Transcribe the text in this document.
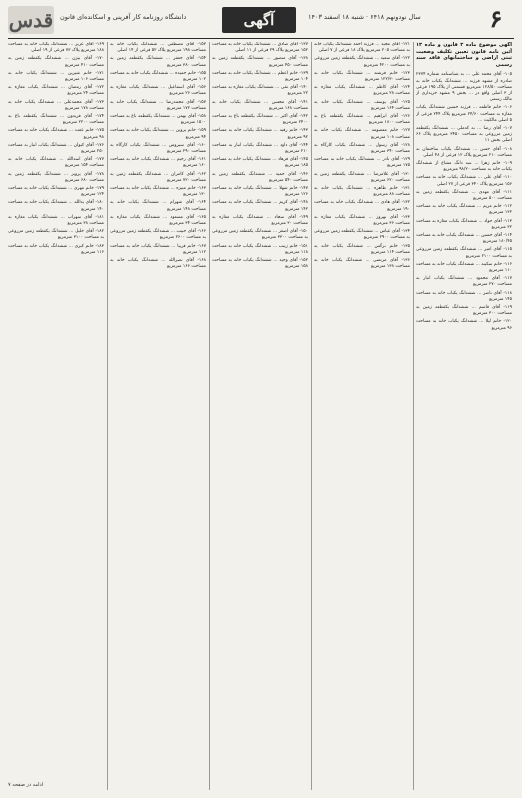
قدس دانشگاه روزنامه کار آفرینی و اسکانده‌ای قانون	آگهی	سال نودونهم ۶۴۱۸ · شنبه ۱۸ اسفند ۱۴۰۳	۶
آگهی موضوع ماده ۳ قانون و ماده ۱۳ آئین نامه قانون تعیین تکلیف وضعیت ثبتی اراضی و ساختمانهای فاقد سند رسمی
۱۰۵- آقای محمد علی ... به شناسنامه شماره ۲۳۷۴ صادره از مشهد فرزند ... ششدانگ یکباب خانه به مساحت ۱۲۸/۵۰ مترمربع قسمتی از پلاک ۱۹۵ فرعی از ۳ اصلی واقع در ... بخش ۹ مشهد خریداری از مالک رسمی
۱۰۶- خانم فاطمه ... فرزند حسین ششدانگ یکباب مغازه به مساحت ۲۴/۶۰ مترمربع پلاک ۲۴۴ فرعی از ۵ اصلی مالکیت ...
۱۰۷- آقای رضا ... به کدملی ... ششدانگ یکقطعه زمین مزروعی به مساحت ۳۴۵۰ مترمربع پلاک ۶۶ اصلی بخش ۱۱
۱۰۸- آقای حسن ... ششدانگ یکباب ساختمان به مساحت ۲۱۰ مترمربع پلاک ۱۲ فرعی از ۴۸ اصلی
۱۰۹- خانم زهرا ... سه دانگ مشاع از ششدانگ یکباب خانه به مساحت ۹۸/۲۰ مترمربع
۱۱۰- آقای علی ... ششدانگ یکباب خانه به مساحت ۱۵۶ مترمربع پلاک ۳۴۰ فرعی از ۲۷ اصلی
۱۱۱- آقای مهدی ... ششدانگ یکقطعه زمین به مساحت ۵۰۰ مترمربع
۱۱۲- خانم مریم ... ششدانگ یکباب خانه به مساحت ۱۳۲ مترمربع
۱۱۳- آقای جواد ... ششدانگ یکباب مغازه به مساحت ۳۲ مترمربع
۱۱۴- آقای حسین ... ششدانگ یکباب خانه به مساحت ۱۸۰/۴۵ مترمربع
۱۱۵- آقای امیر ... ششدانگ یکقطعه زمین مزروعی به مساحت ۲۱۰۰ مترمربع
۱۱۶- خانم سکینه ... ششدانگ یکباب خانه به مساحت ۱۱۰ مترمربع
۱۱۷- آقای محمود ... ششدانگ یکباب انبار به مساحت ۲۷۰ مترمربع
۱۱۸- آقای ناصر ... ششدانگ یکباب خانه به مساحت ۱۴۵ مترمربع
۱۱۹- آقای قاسم ... ششدانگ یکقطعه زمین به مساحت ۳۰۰ مترمربع
۱۲۰- خانم لیلا ... ششدانگ یکباب خانه به مساحت ۹۶ مترمربع
۱۲۱- آقای مجید ... فرزند احمد ششدانگ یکباب خانه به مساحت ۲۰۵ مترمربع پلاک ۱۸ فرعی از ۷ اصلی
۱۲۲- آقای سعید ... ششدانگ یکقطعه زمین مزروعی به مساحت ۴۲۰۰ مترمربع
۱۲۳- خانم فرشته ... ششدانگ یکباب خانه به مساحت ۱۲۲/۳۰ مترمربع
۱۲۴- آقای کاظم ... ششدانگ یکباب مغازه به مساحت ۲۸ مترمربع
۱۲۵- آقای یوسف ... ششدانگ یکباب خانه به مساحت ۱۶۴ مترمربع
۱۲۶- آقای ابراهیم ... ششدانگ یکقطعه باغ به مساحت ۱۸۰۰ مترمربع
۱۲۷- خانم معصومه ... ششدانگ یکباب خانه به مساحت ۱۰۸ مترمربع
۱۲۸- آقای رسول ... ششدانگ یکباب کارگاه به مساحت ۳۴۰ مترمربع
۱۲۹- آقای نادر ... ششدانگ یکباب خانه به مساحت ۱۷۵ مترمربع
۱۳۰- آقای غلامرضا ... ششدانگ یکقطعه زمین به مساحت ۶۲۰ مترمربع
۱۳۱- خانم طاهره ... ششدانگ یکباب خانه به مساحت ۸۸ مترمربع
۱۳۲- آقای هادی ... ششدانگ یکباب خانه به مساحت ۱۹۰ مترمربع
۱۳۳- آقای بهروز ... ششدانگ یکباب مغازه به مساحت ۳۶ مترمربع
۱۳۴- آقای عباس ... ششدانگ یکقطعه زمین مزروعی به مساحت ۲۹۰۰ مترمربع
۱۳۵- خانم نرگس ... ششدانگ یکباب خانه به مساحت ۱۱۴ مترمربع
۱۳۶- آقای مرتضی ... ششدانگ یکباب خانه به مساحت ۱۳۸ مترمربع
۱۳۷- آقای صادق ... ششدانگ یکباب خانه به مساحت ۱۵۲ مترمربع پلاک ۲۹ فرعی از ۱۱ اصلی
۱۳۸- آقای منصور ... ششدانگ یکقطعه زمین به مساحت ۴۵۰ مترمربع
۱۳۹- خانم اعظم ... ششدانگ یکباب خانه به مساحت ۱۰۴ مترمربع
۱۴۰- آقای تقی ... ششدانگ یکباب مغازه به مساحت ۲۲ مترمربع
۱۴۱- آقای محسن ... ششدانگ یکباب خانه به مساحت ۱۶۸ مترمربع
۱۴۲- آقای اکبر ... ششدانگ یکقطعه باغ به مساحت ۲۴۰۰ مترمربع
۱۴۳- خانم رقیه ... ششدانگ یکباب خانه به مساحت ۹۲ مترمربع
۱۴۴- آقای داود ... ششدانگ یکباب انبار به مساحت ۲۱۰ مترمربع
۱۴۵- آقای فرهاد ... ششدانگ یکباب خانه به مساحت ۱۸۵ مترمربع
۱۴۶- آقای حمید ... ششدانگ یکقطعه زمین به مساحت ۵۴۰ مترمربع
۱۴۷- خانم شهلا ... ششدانگ یکباب خانه به مساحت ۱۲۶ مترمربع
۱۴۸- آقای کریم ... ششدانگ یکباب خانه به مساحت ۱۴۲ مترمربع
۱۴۹- آقای سجاد ... ششدانگ یکباب مغازه به مساحت ۳۰ مترمربع
۱۵۰- آقای اصغر ... ششدانگ یکقطعه زمین مزروعی به مساحت ۳۳۰۰ مترمربع
۱۵۱- خانم زینب ... ششدانگ یکباب خانه به مساحت ۱۱۸ مترمربع
۱۵۲- آقای وحید ... ششدانگ یکباب خانه به مساحت ۱۵۸ مترمربع
۱۵۳- آقای مصطفی ... ششدانگ یکباب خانه به مساحت ۱۹۸ مترمربع پلاک ۵۲ فرعی از ۱۴ اصلی
۱۵۴- آقای جعفر ... ششدانگ یکقطعه زمین به مساحت ۳۸۰ مترمربع
۱۵۵- خانم حمیده ... ششدانگ یکباب خانه به مساحت ۱۰۲ مترمربع
۱۵۶- آقای اسماعیل ... ششدانگ یکباب مغازه به مساحت ۲۶ مترمربع
۱۵۷- آقای محمدرضا ... ششدانگ یکباب خانه به مساحت ۱۷۲ مترمربع
۱۵۸- آقای بهمن ... ششدانگ یکقطعه باغ به مساحت ۱۵۰۰ مترمربع
۱۵۹- خانم پروین ... ششدانگ یکباب خانه به مساحت ۹۴ مترمربع
۱۶۰- آقای سیروس ... ششدانگ یکباب کارگاه به مساحت ۲۹۰ مترمربع
۱۶۱- آقای رحیم ... ششدانگ یکباب خانه به مساحت ۱۶۰ مترمربع
۱۶۲- آقای کامران ... ششدانگ یکقطعه زمین به مساحت ۷۲۰ مترمربع
۱۶۳- خانم منیژه ... ششدانگ یکباب خانه به مساحت ۱۳۰ مترمربع
۱۶۴- آقای شهرام ... ششدانگ یکباب خانه به مساحت ۱۴۸ مترمربع
۱۶۵- آقای مسعود ... ششدانگ یکباب مغازه به مساحت ۳۴ مترمربع
۱۶۶- آقای حبیب ... ششدانگ یکقطعه زمین مزروعی به مساحت ۲۶۰۰ مترمربع
۱۶۷- خانم فریبا ... ششدانگ یکباب خانه به مساحت ۱۱۲ مترمربع
۱۶۸- آقای نصرالله ... ششدانگ یکباب خانه به مساحت ۱۶۶ مترمربع
۱۶۹- آقای عزیز ... ششدانگ یکباب خانه به مساحت ۱۸۸ مترمربع پلاک ۷۳ فرعی از ۱۹ اصلی
۱۷۰- آقای بیژن ... ششدانگ یکقطعه زمین به مساحت ۴۱۰ مترمربع
۱۷۱- خانم شیرین ... ششدانگ یکباب خانه به مساحت ۱۰۶ مترمربع
۱۷۲- آقای رمضان ... ششدانگ یکباب مغازه به مساحت ۲۴ مترمربع
۱۷۳- آقای محمدعلی ... ششدانگ یکباب خانه به مساحت ۱۷۸ مترمربع
۱۷۴- آقای فریدون ... ششدانگ یکقطعه باغ به مساحت ۲۲۰۰ مترمربع
۱۷۵- خانم عفت ... ششدانگ یکباب خانه به مساحت ۹۸ مترمربع
۱۷۶- آقای کیوان ... ششدانگ یکباب انبار به مساحت ۲۵۰ مترمربع
۱۷۷- آقای اسدالله ... ششدانگ یکباب خانه به مساحت ۱۵۴ مترمربع
۱۷۸- آقای پرویز ... ششدانگ یکقطعه زمین به مساحت ۶۸۰ مترمربع
۱۷۹- خانم مهری ... ششدانگ یکباب خانه به مساحت ۱۲۴ مترمربع
۱۸۰- آقای یدالله ... ششدانگ یکباب خانه به مساحت ۱۴۰ مترمربع
۱۸۱- آقای سهراب ... ششدانگ یکباب مغازه به مساحت ۳۸ مترمربع
۱۸۲- آقای خلیل ... ششدانگ یکقطعه زمین مزروعی به مساحت ۳۱۰۰ مترمربع
۱۸۳- خانم کبری ... ششدانگ یکباب خانه به مساحت ۱۱۶ مترمربع
ادامه در صفحه ۷
